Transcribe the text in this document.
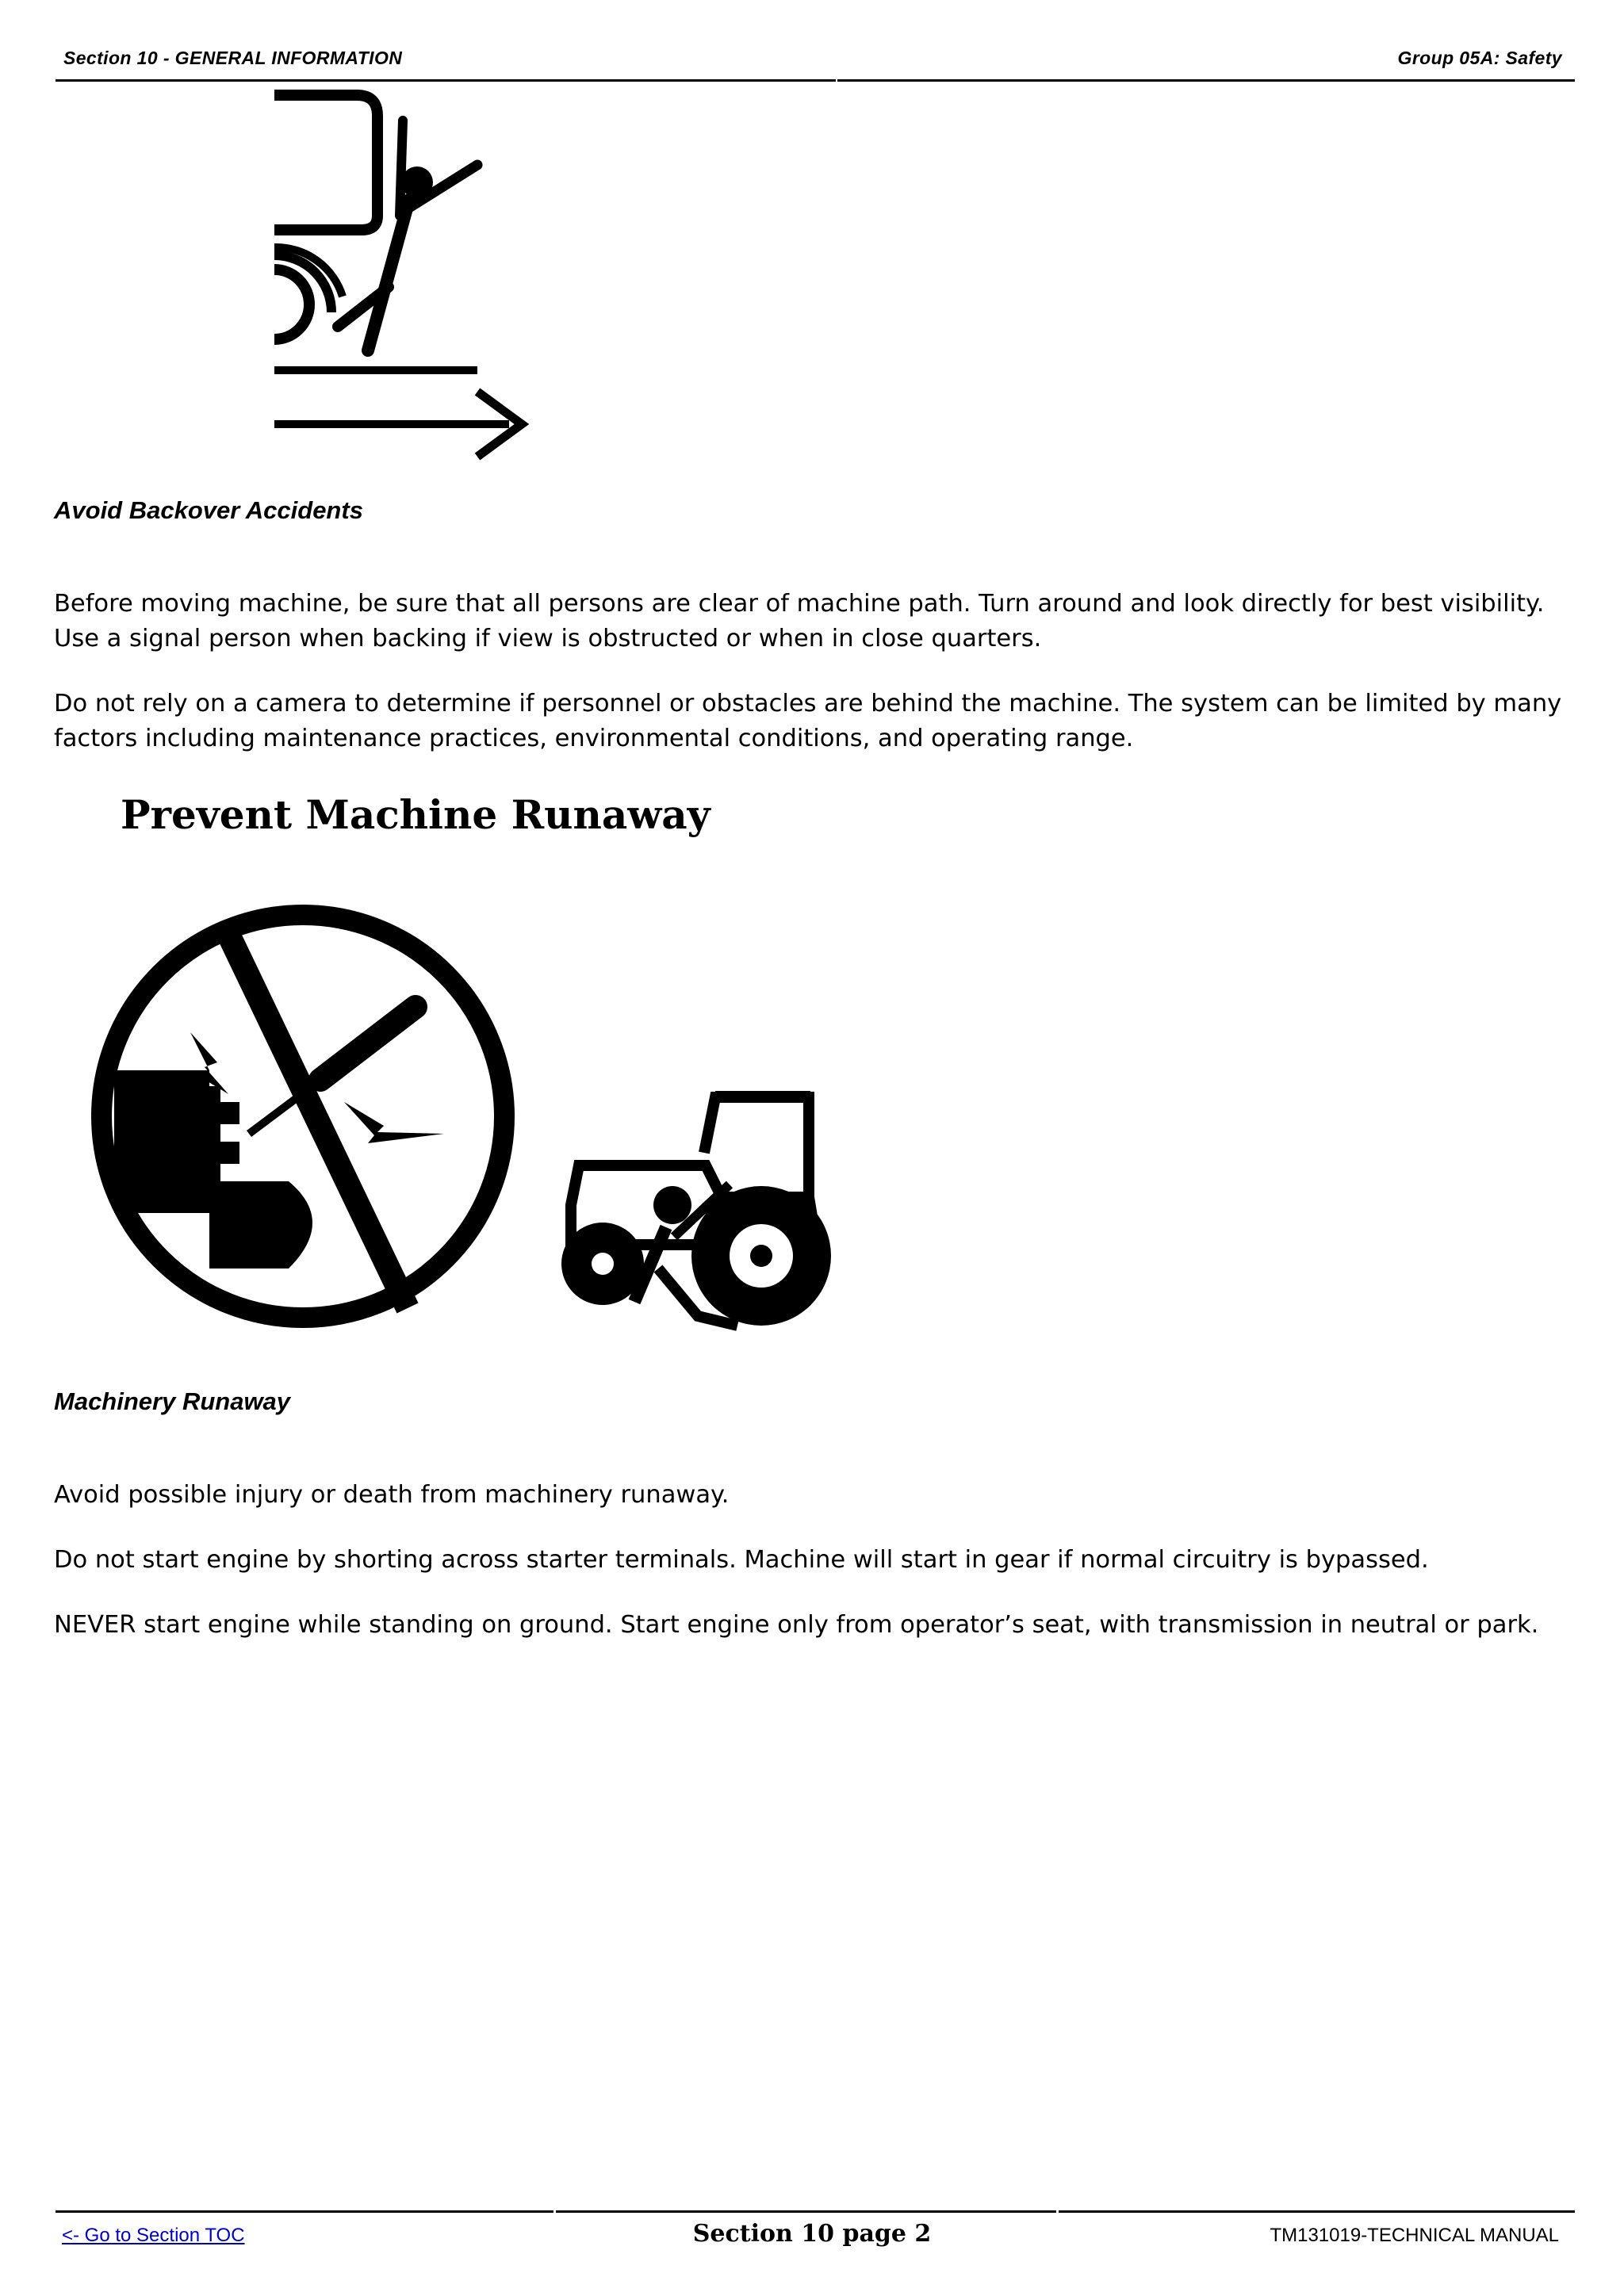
Section 10 - GENERAL INFORMATION	Group 05A: Safety
Avoid Backover Accidents
Before moving machine, be sure that all persons are clear of machine path. Turn around and look directly for best visibility. Use a signal person when backing if view is obstructed or when in close quarters.
Do not rely on a camera to determine if personnel or obstacles are behind the machine. The system can be limited by many factors including maintenance practices, environmental conditions, and operating range.
Prevent Machine Runaway
Machinery Runaway
Avoid possible injury or death from machinery runaway.
Do not start engine by shorting across starter terminals. Machine will start in gear if normal circuitry is bypassed.
NEVER start engine while standing on ground. Start engine only from operator’s seat, with transmission in neutral or park.
<- Go to Section TOC	Section 10 page 2	TM131019-TECHNICAL MANUAL
